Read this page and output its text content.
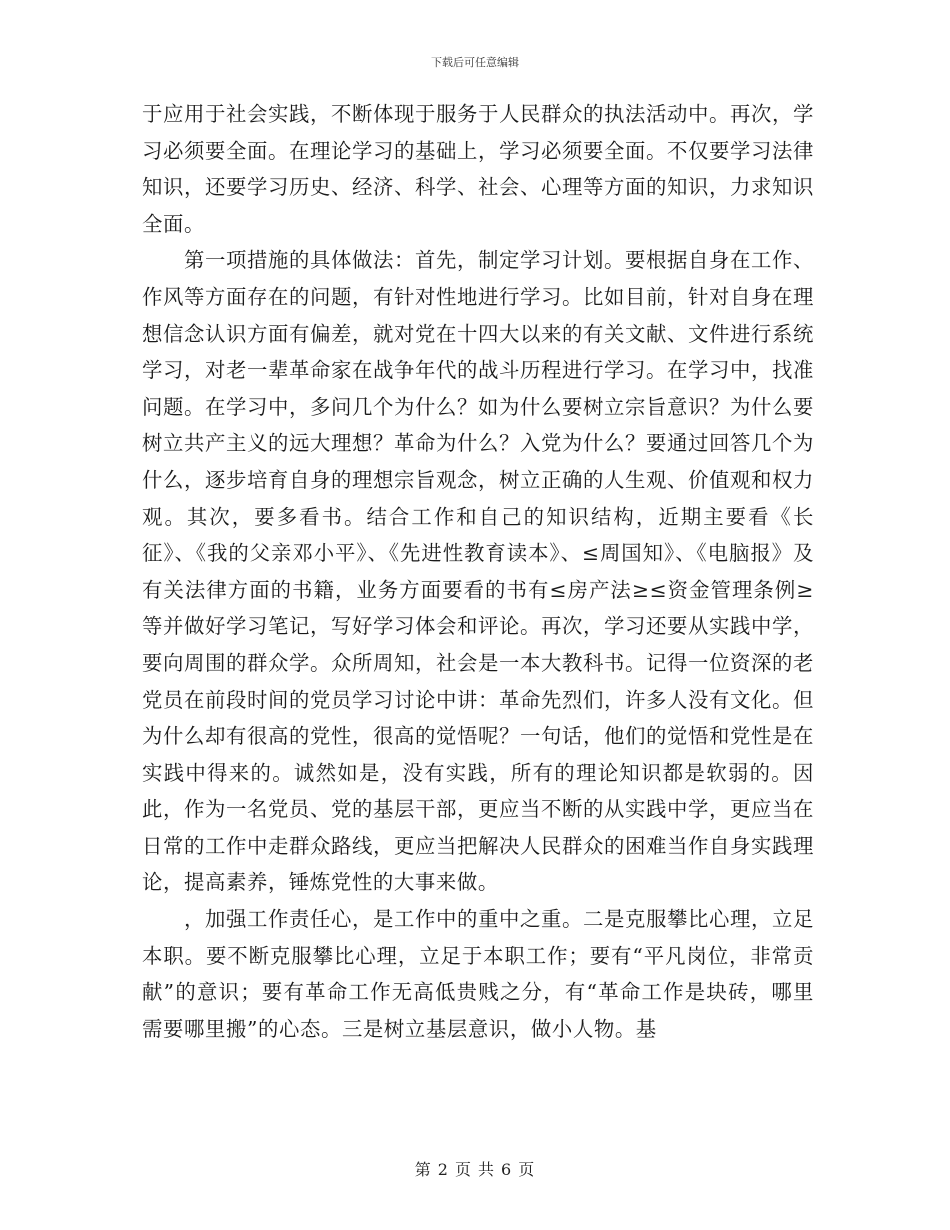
下载后可任意编辑

于应用于社会实践，不断体现于服务于人民群众的执法活动中。再次，学习必须要全面。在理论学习的基础上，学习必须要全面。不仅要学习法律知识，还要学习历史、经济、科学、社会、心理等方面的知识，力求知识全面。

第一项措施的具体做法：首先，制定学习计划。要根据自身在工作、作风等方面存在的问题，有针对性地进行学习。比如目前，针对自身在理想信念认识方面有偏差，就对党在十四大以来的有关文献、文件进行系统学习，对老一辈革命家在战争年代的战斗历程进行学习。在学习中，找准问题。在学习中，多问几个为什么？如为什么要树立宗旨意识？为什么要树立共产主义的远大理想？革命为什么？入党为什么？要通过回答几个为什么，逐步培育自身的理想宗旨观念，树立正确的人生观、价值观和权力观。其次，要多看书。结合工作和自己的知识结构，近期主要看《长征》、《我的父亲邓小平》、《先进性教育读本》、≤周国知》、《电脑报》及有关法律方面的书籍，业务方面要看的书有≤房产法≥≤资金管理条例≥等并做好学习笔记，写好学习体会和评论。再次，学习还要从实践中学，要向周围的群众学。众所周知，社会是一本大教科书。记得一位资深的老党员在前段时间的党员学习讨论中讲：革命先烈们，许多人没有文化。但为什么却有很高的党性，很高的觉悟呢？一句话，他们的觉悟和党性是在实践中得来的。诚然如是，没有实践，所有的理论知识都是软弱的。因此，作为一名党员、党的基层干部，更应当不断的从实践中学，更应当在日常的工作中走群众路线，更应当把解决人民群众的困难当作自身实践理论，提高素养，锤炼党性的大事来做。

，加强工作责任心，是工作中的重中之重。二是克服攀比心理，立足本职。要不断克服攀比心理，立足于本职工作；要有“平凡岗位，非常贡献”的意识；要有革命工作无高低贵贱之分，有“革命工作是块砖，哪里需要哪里搬”的心态。三是树立基层意识，做小人物。基

第 2 页 共 6 页
